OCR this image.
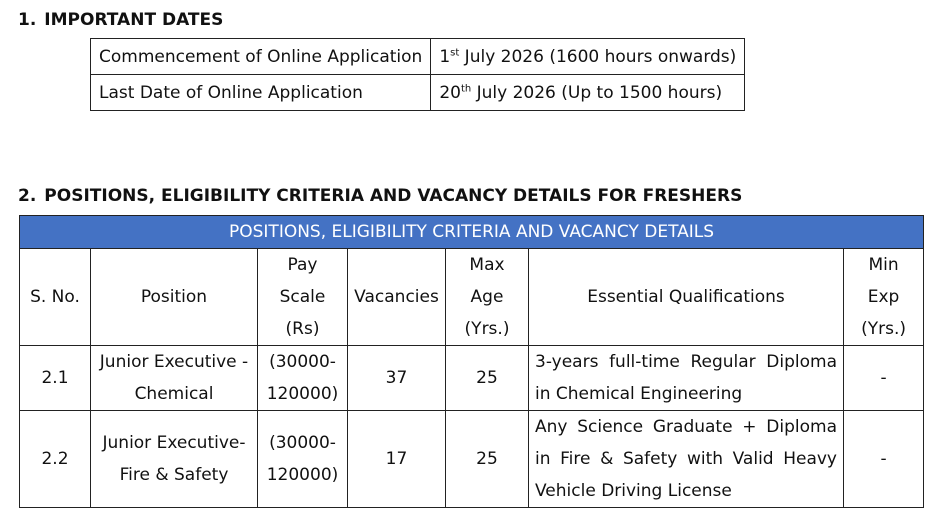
1. IMPORTANT DATES
Commencement of Online Application	1st July 2026 (1600 hours onwards)
Last Date of Online Application	20th July 2026 (Up to 1500 hours)
2. POSITIONS, ELIGIBILITY CRITERIA AND VACANCY DETAILS FOR FRESHERS
POSITIONS, ELIGIBILITY CRITERIA AND VACANCY DETAILS						
S. No.	Position	Pay Scale (Rs)	Vacancies	Max Age (Yrs.)	Essential Qualifications	Min Exp (Yrs.)
2.1	Junior Executive - Chemical	(30000-120000)	37	25	3-years full-time Regular Diploma in Chemical Engineering	-
2.2	Junior Executive- Fire & Safety	(30000-120000)	17	25	Any Science Graduate + Diploma in Fire & Safety with Valid Heavy Vehicle Driving License	-
